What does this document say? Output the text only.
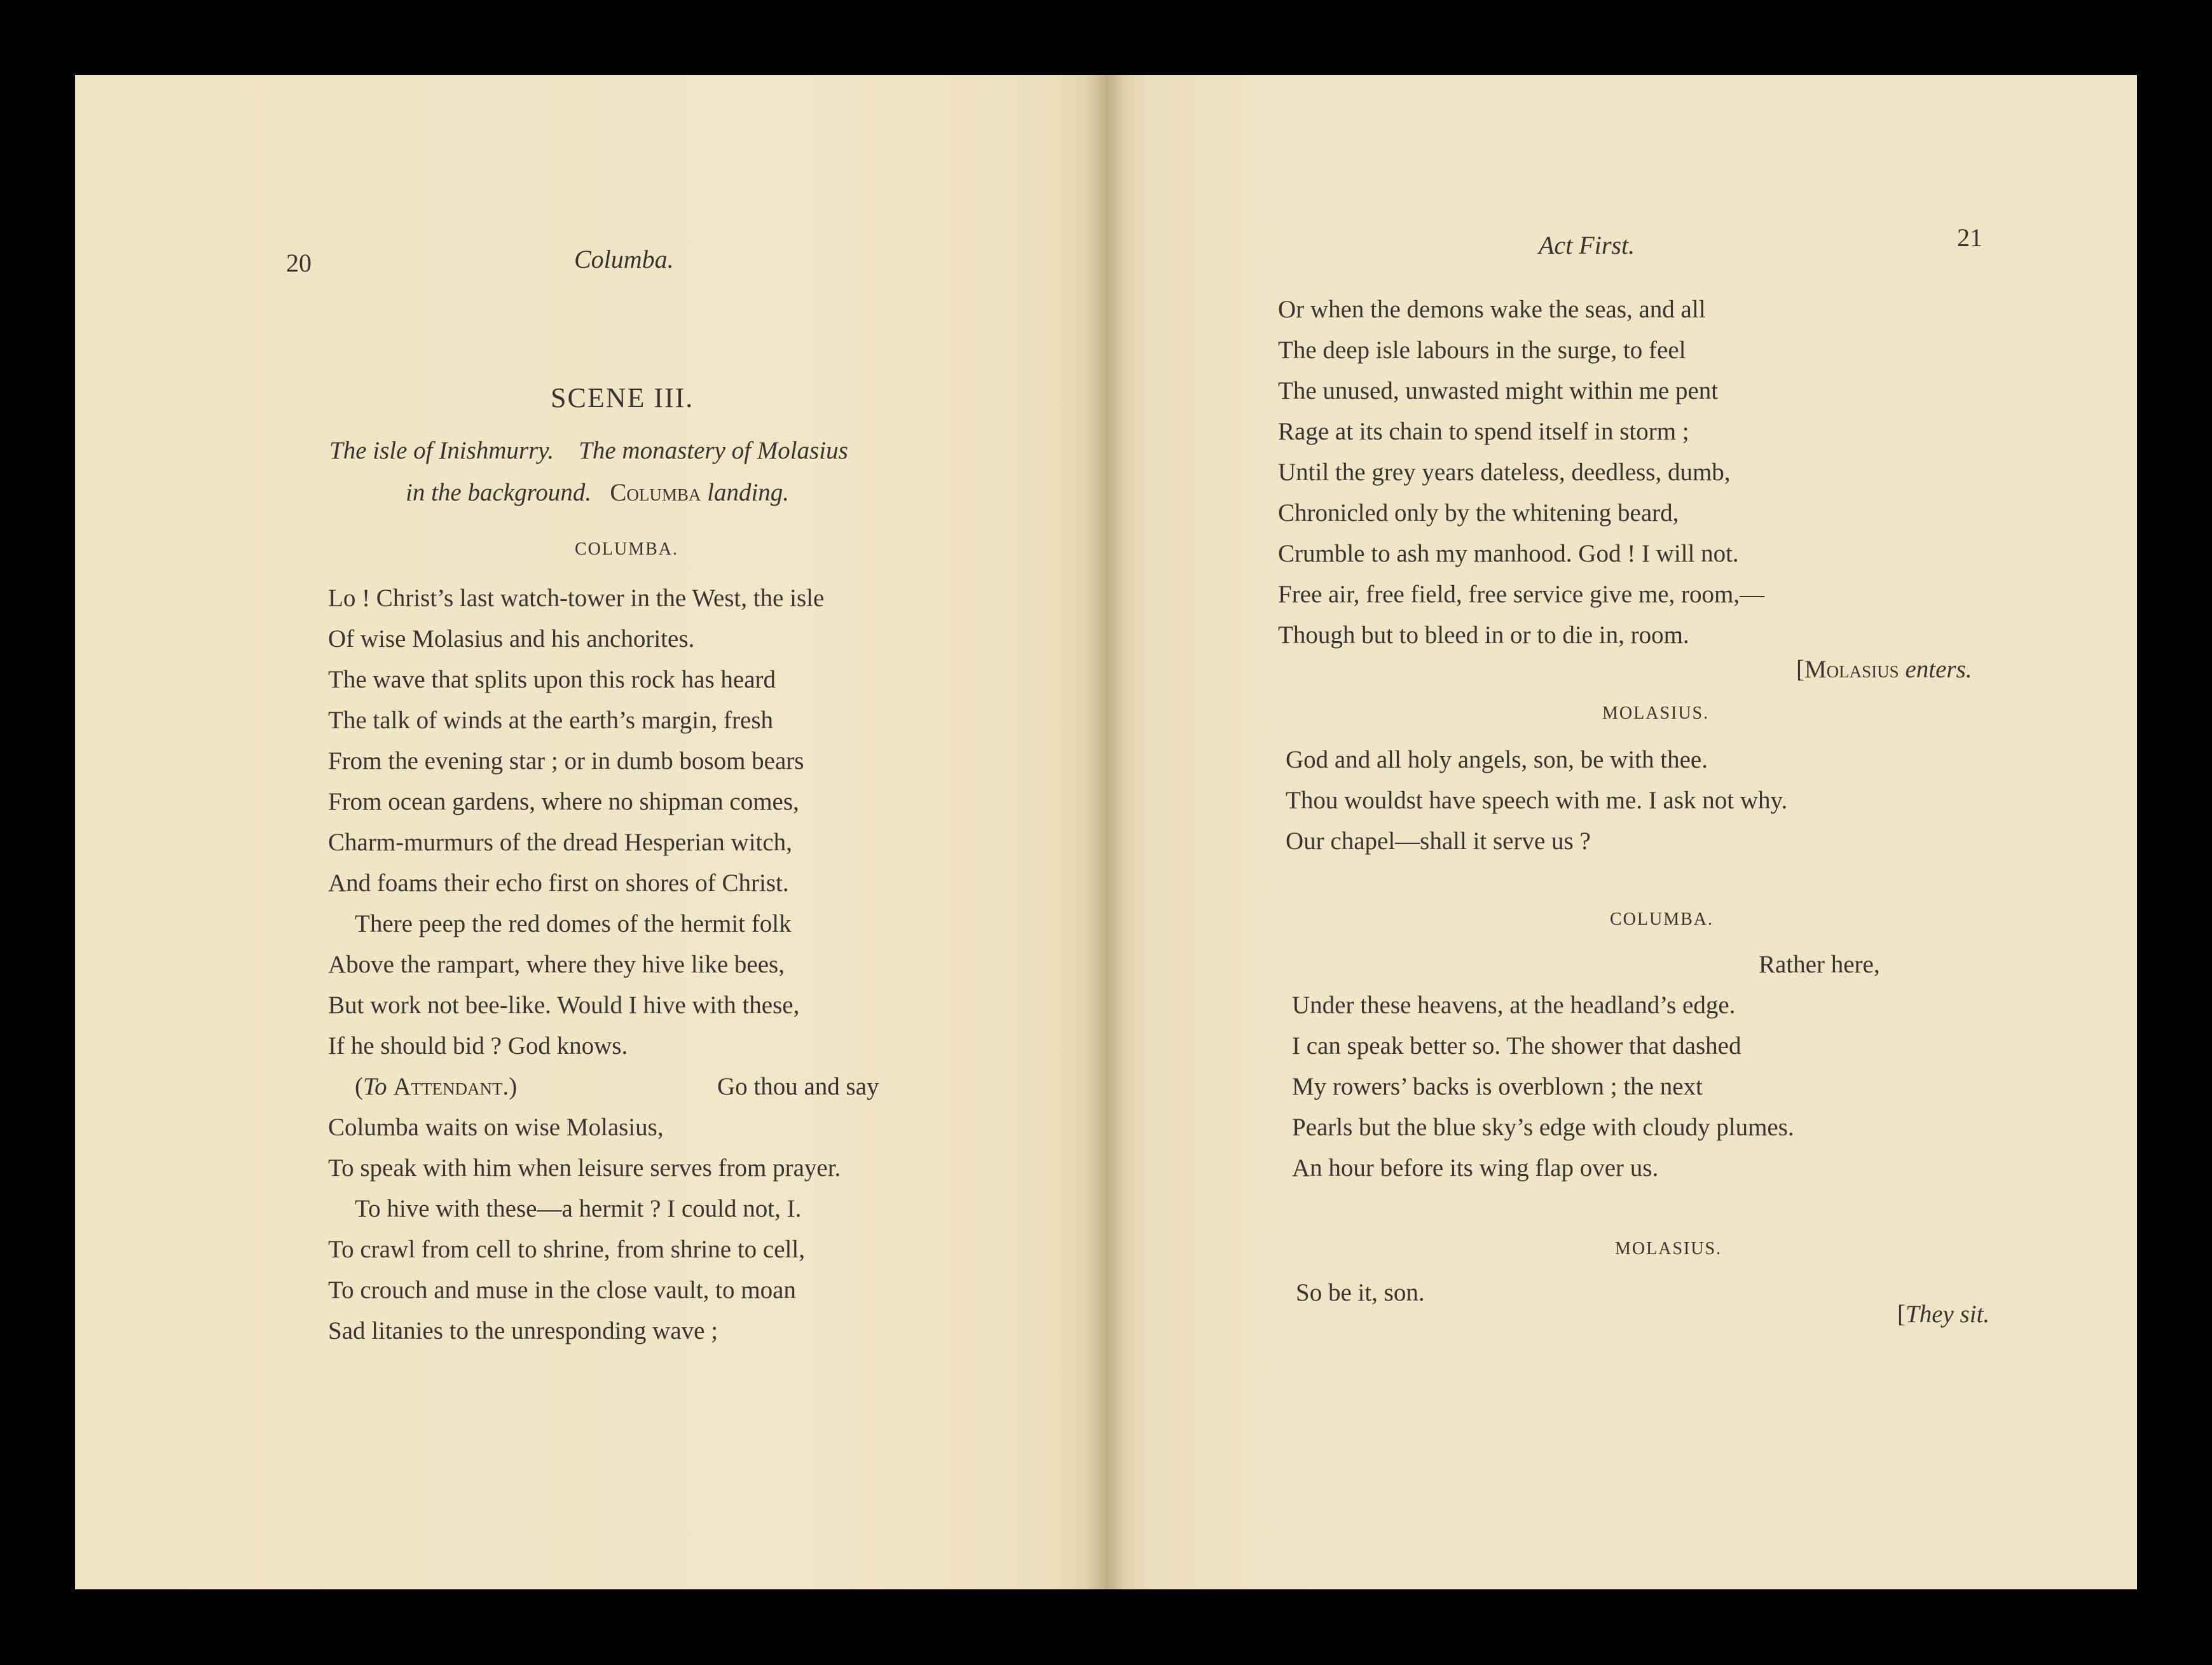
20	Columba.
SCENE III.
The isle of Inishmurry. The monastery of Molasius
in the background. Columba landing.
COLUMBA.
Lo ! Christ’s last watch-tower in the West, the isle
Of wise Molasius and his anchorites.
The wave that splits upon this rock has heard
The talk of winds at the earth’s margin, fresh
From the evening star ; or in dumb bosom bears
From ocean gardens, where no shipman comes,
Charm-murmurs of the dread Hesperian witch,
And foams their echo first on shores of Christ.
There peep the red domes of the hermit folk
Above the rampart, where they hive like bees,
But work not bee-like. Would I hive with these,
If he should bid ? God knows.
(To Attendant.)	Go thou and say
Columba waits on wise Molasius,
To speak with him when leisure serves from prayer.
To hive with these—a hermit ? I could not, I.
To crawl from cell to shrine, from shrine to cell,
To crouch and muse in the close vault, to moan
Sad litanies to the unresponding wave ;
Act First.	21
Or when the demons wake the seas, and all
The deep isle labours in the surge, to feel
The unused, unwasted might within me pent
Rage at its chain to spend itself in storm ;
Until the grey years dateless, deedless, dumb,
Chronicled only by the whitening beard,
Crumble to ash my manhood. God ! I will not.
Free air, free field, free service give me, room,—
Though but to bleed in or to die in, room.
[Molasius enters.
MOLASIUS.
God and all holy angels, son, be with thee.
Thou wouldst have speech with me. I ask not why.
Our chapel—shall it serve us ?
COLUMBA.
Rather here,
Under these heavens, at the headland’s edge.
I can speak better so. The shower that dashed
My rowers’ backs is overblown ; the next
Pearls but the blue sky’s edge with cloudy plumes.
An hour before its wing flap over us.
MOLASIUS.
So be it, son.
[They sit.
